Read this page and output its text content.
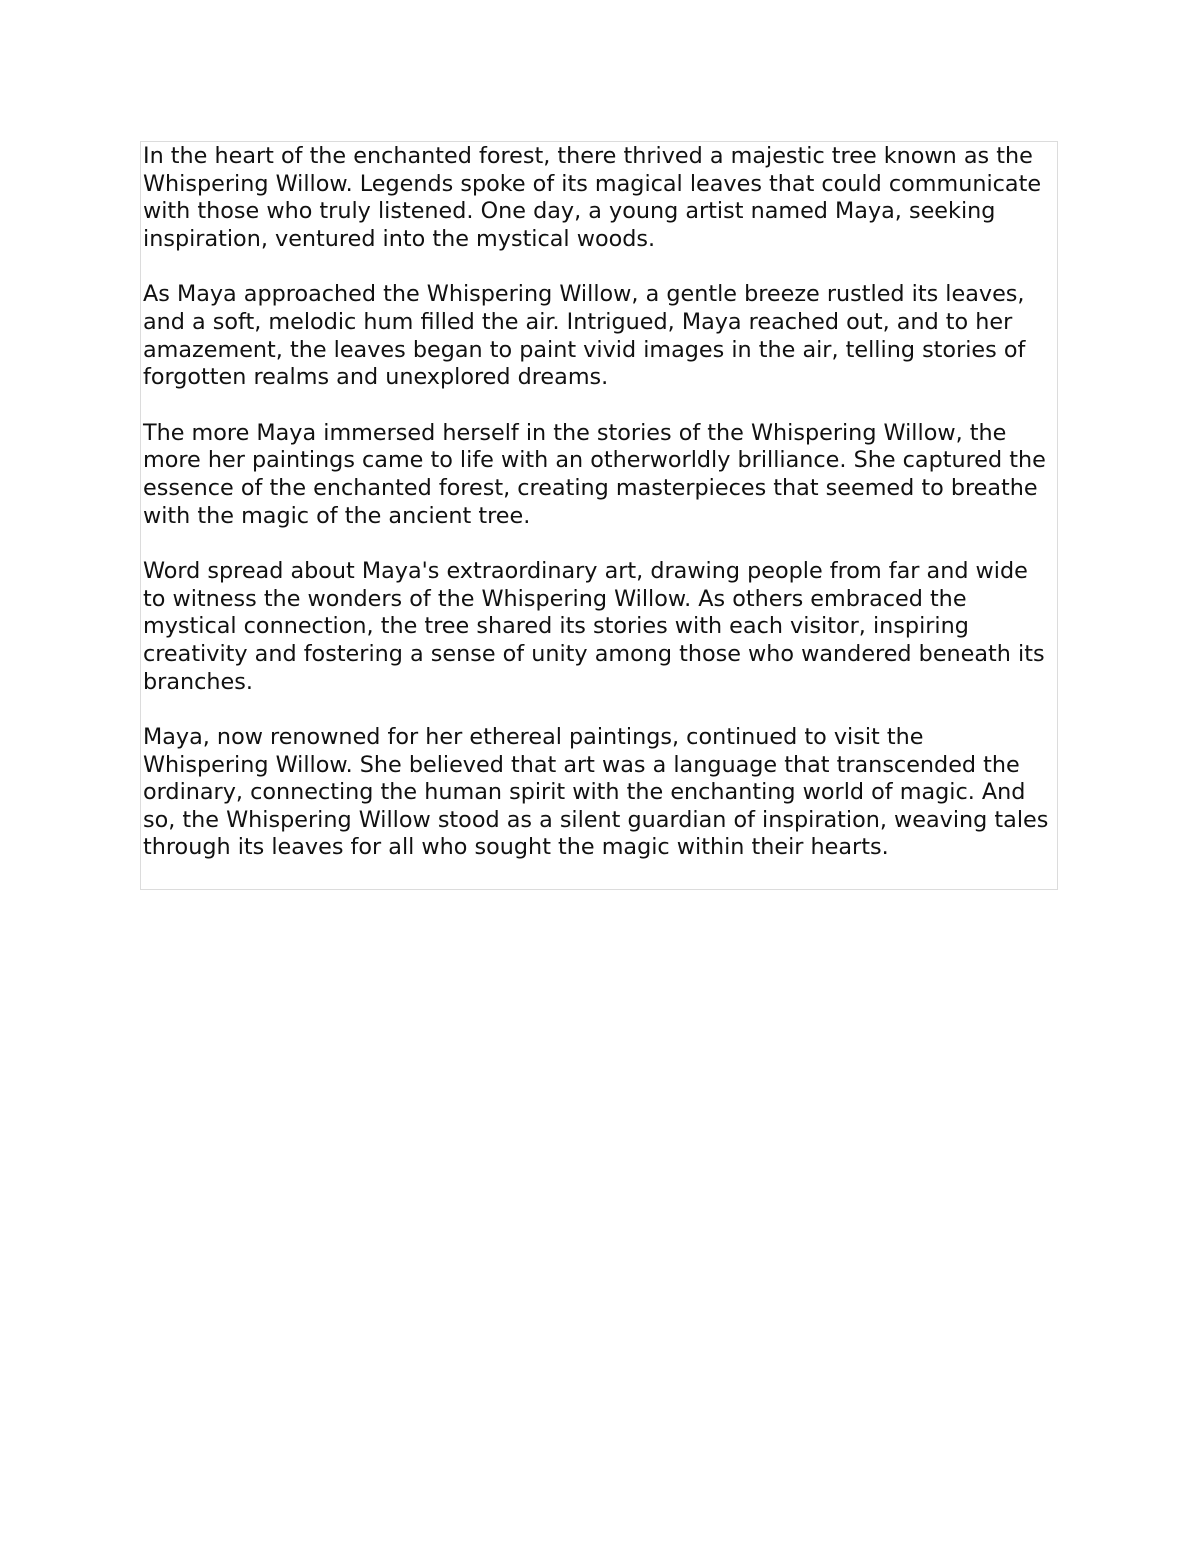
In the heart of the enchanted forest, there thrived a majestic tree known as the Whispering Willow. Legends spoke of its magical leaves that could communicate with those who truly listened. One day, a young artist named Maya, seeking inspiration, ventured into the mystical woods.

As Maya approached the Whispering Willow, a gentle breeze rustled its leaves, and a soft, melodic hum filled the air. Intrigued, Maya reached out, and to her amazement, the leaves began to paint vivid images in the air, telling stories of forgotten realms and unexplored dreams.

The more Maya immersed herself in the stories of the Whispering Willow, the more her paintings came to life with an otherworldly brilliance. She captured the essence of the enchanted forest, creating masterpieces that seemed to breathe with the magic of the ancient tree.

Word spread about Maya's extraordinary art, drawing people from far and wide to witness the wonders of the Whispering Willow. As others embraced the mystical connection, the tree shared its stories with each visitor, inspiring creativity and fostering a sense of unity among those who wandered beneath its branches.

Maya, now renowned for her ethereal paintings, continued to visit the Whispering Willow. She believed that art was a language that transcended the ordinary, connecting the human spirit with the enchanting world of magic. And so, the Whispering Willow stood as a silent guardian of inspiration, weaving tales through its leaves for all who sought the magic within their hearts.
